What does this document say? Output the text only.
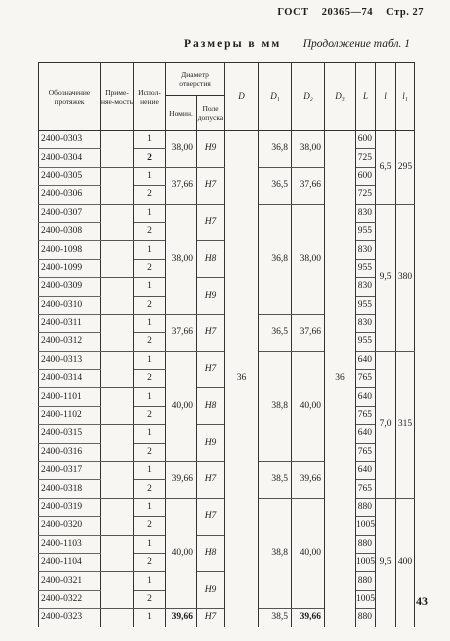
ГОСТ 20365—74 Стр. 27
Размеры в мм Продолжение табл. 1
Обозначение протяжек	Приме-няе-мость	Испол-нение	Диаметр отверстия		D	D₁	D₂	D₃	L	l	l₁
			Номин.	Поле допуска							
2400-0303		1	38,00	H9	36	36,8	38,00	36	600	6,5	295
2400-0304		2							725		
2400-0305		1	37,66	H7		36,5	37,66		600		
2400-0306		2							725		
2400-0307		1	38,00	H7		36,8	38,00		830	9,5	380
2400-0308		2							955		
2400-1098		1		H8					830		
2400-1099		2							955		
2400-0309		1		H9					830		
2400-0310		2							955		
2400-0311		1	37,66	H7		36,5	37,66		830		
2400-0312		2							955		
2400-0313		1	40,00	H7		38,8	40,00		640	7,0	315
2400-0314		2							765		
2400-1101		1		H8					640		
2400-1102		2							765		
2400-0315		1		H9					640		
2400-0316		2							765		
2400-0317		1	39,66	H7		38,5	39,66		640		
2400-0318		2							765		
2400-0319		1	40,00	H7		38,8	40,00		880	9,5	400
2400-0320		2							1005		
2400-1103		1		H8					880		
2400-1104		2							1005		
2400-0321		1		H9					880		
2400-0322		2							1005		
2400-0323		1	39,66	H7		38,5	39,66		880		
43
